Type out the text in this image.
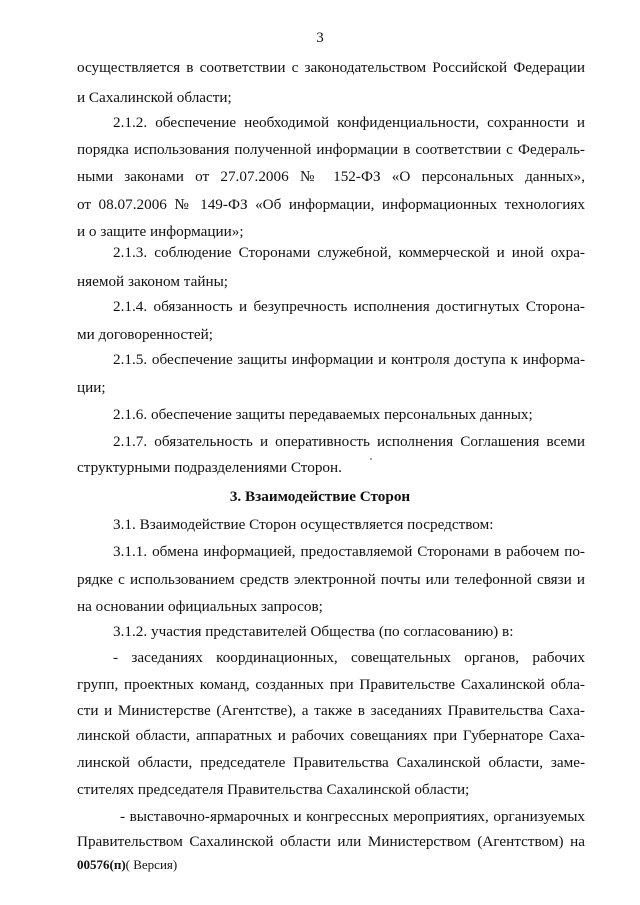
3
осуществляется в соответствии с законодательством Российской Федерации
и Сахалинской области;
2.1.2. обеспечение необходимой конфиденциальности, сохранности и
порядка использования полученной информации в соответствии с Федераль-
ными законами от 27.07.2006 № 152-ФЗ «О персональных данных»,
от 08.07.2006 № 149-ФЗ «Об информации, информационных технологиях
и о защите информации»;
2.1.3. соблюдение Сторонами служебной, коммерческой и иной охра-
няемой законом тайны;
2.1.4. обязанность и безупречность исполнения достигнутых Сторона-
ми договоренностей;
2.1.5. обеспечение защиты информации и контроля доступа к информа-
ции;
2.1.6. обеспечение защиты передаваемых персональных данных;
2.1.7. обязательность и оперативность исполнения Соглашения всеми
структурными подразделениями Сторон.
3.1. Взаимодействие Сторон осуществляется посредством:
3.1.1. обмена информацией, предоставляемой Сторонами в рабочем по-
рядке с использованием средств электронной почты или телефонной связи и
на основании официальных запросов;
3.1.2. участия представителей Общества (по согласованию) в:
- заседаниях координационных, совещательных органов, рабочих
групп, проектных команд, созданных при Правительстве Сахалинской обла-
сти и Министерстве (Агентстве), а также в заседаниях Правительства Саха-
линской области, аппаратных и рабочих совещаниях при Губернаторе Саха-
линской области, председателе Правительства Сахалинской области, заме-
стителях председателя Правительства Сахалинской области;
- выставочно-ярмарочных и конгрессных мероприятиях, организуемых
Правительством Сахалинской области или Министерством (Агентством) на
3. Взаимодействие Сторон
00576(п)( Версия)
